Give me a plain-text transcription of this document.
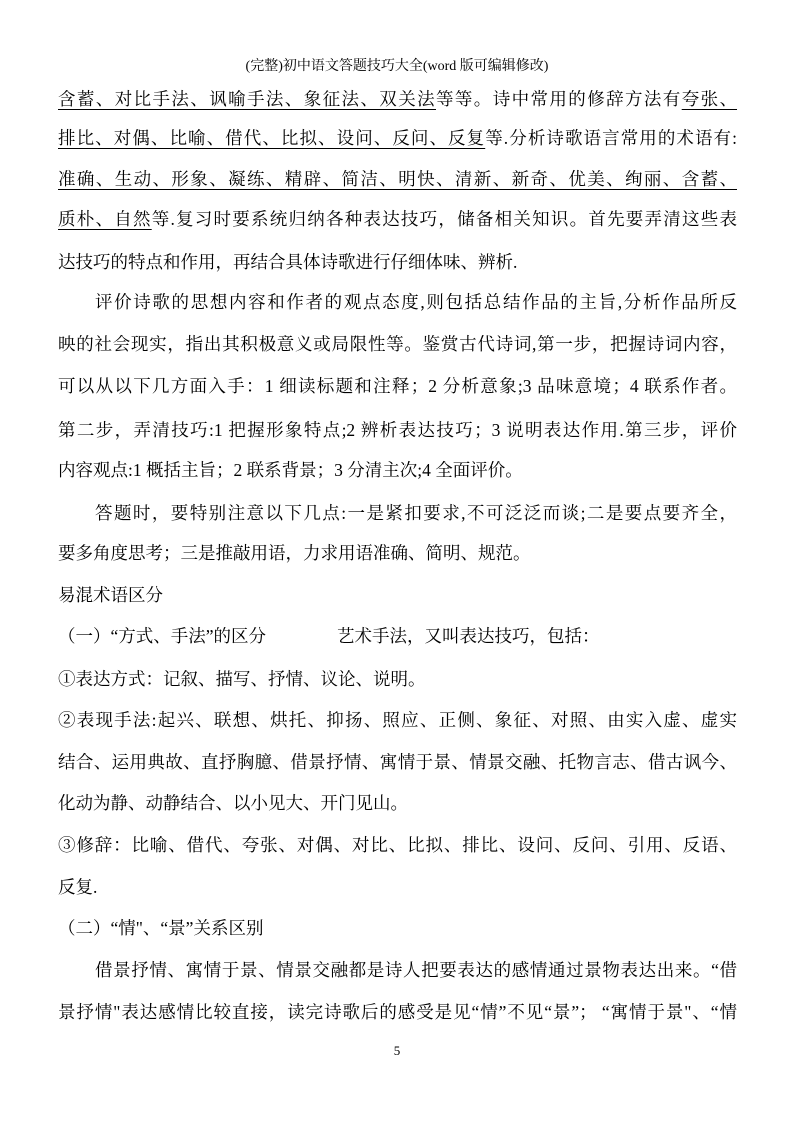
(完整)初中语文答题技巧大全(word 版可编辑修改)
含蓄、对比手法、讽喻手法、象征法、双关法等等。诗中常用的修辞方法有夸张、
排比、对偶、比喻、借代、比拟、设问、反问、反复等.分析诗歌语言常用的术语有:
准确、生动、形象、凝练、精辟、简洁、明快、清新、新奇、优美、绚丽、含蓄、
质朴、自然等.复习时要系统归纳各种表达技巧，储备相关知识。首先要弄清这些表
达技巧的特点和作用，再结合具体诗歌进行仔细体味、辨析.
评价诗歌的思想内容和作者的观点态度,则包括总结作品的主旨,分析作品所反
映的社会现实，指出其积极意义或局限性等。鉴赏古代诗词,第一步，把握诗词内容，
可以从以下几方面入手：1 细读标题和注释；2 分析意象;3 品味意境；4 联系作者。
第二步，弄清技巧:1 把握形象特点;2 辨析表达技巧；3 说明表达作用.第三步，评价
内容观点:1 概括主旨；2 联系背景；3 分清主次;4 全面评价。
答题时，要特别注意以下几点:一是紧扣要求,不可泛泛而谈;二是要点要齐全，
要多角度思考；三是推敲用语，力求用语准确、简明、规范。
易混术语区分
（一）“方式、手法”的区分	艺术手法，又叫表达技巧，包括：
①表达方式：记叙、描写、抒情、议论、说明。
②表现手法:起兴、联想、烘托、抑扬、照应、正侧、象征、对照、由实入虚、虚实
结合、运用典故、直抒胸臆、借景抒情、寓情于景、情景交融、托物言志、借古讽今、
化动为静、动静结合、以小见大、开门见山。
③修辞：比喻、借代、夸张、对偶、对比、比拟、排比、设问、反问、引用、反语、
反复.
（二）“情"、“景”关系区别
借景抒情、寓情于景、情景交融都是诗人把要表达的感情通过景物表达出来。“借
景抒情"表达感情比较直接，读完诗歌后的感受是见“情”不见“景”； “寓情于景"、“情
5
